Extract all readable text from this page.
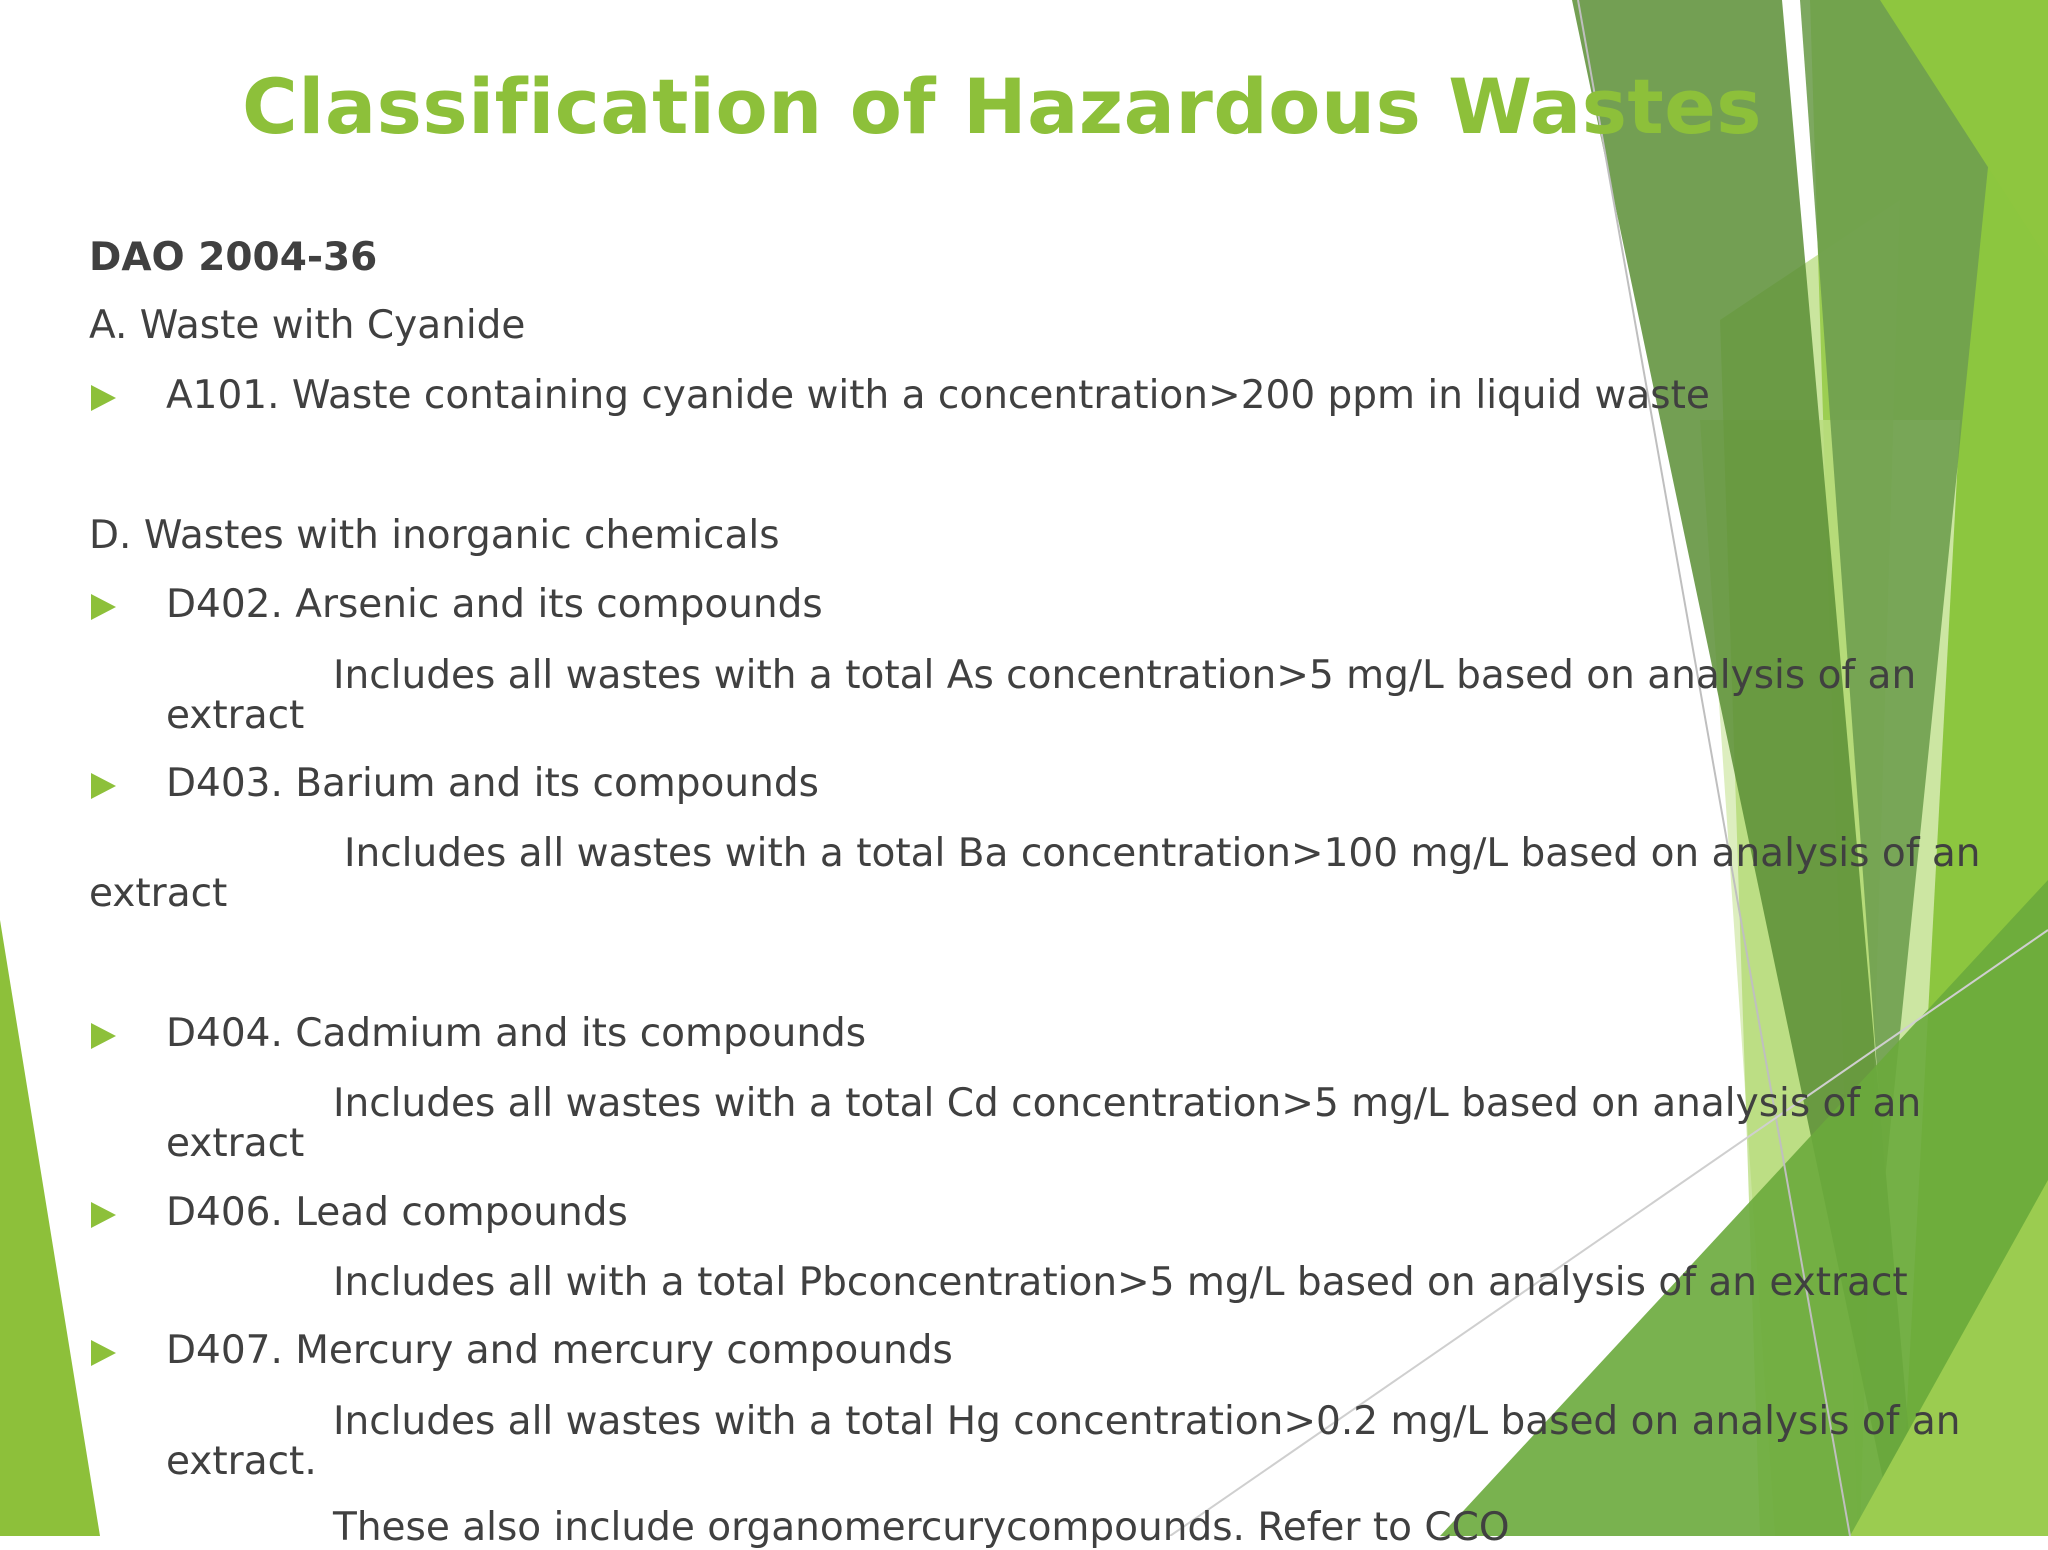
Classification of Hazardous Wastes
DAO 2004-36
A. Waste with Cyanide
A101. Waste containing cyanide with a concentration>200 ppm in liquid waste
D. Wastes with inorganic chemicals
D402. Arsenic and its compounds
Includes all wastes with a total As concentration>5 mg/L based on analysis of an
extract
D403. Barium and its compounds
Includes all wastes with a total Ba concentration>100 mg/L based on analysis of an
extract
D404. Cadmium and its compounds
Includes all wastes with a total Cd concentration>5 mg/L based on analysis of an
extract
D406. Lead compounds
Includes all with a total Pbconcentration>5 mg/L based on analysis of an extract
D407. Mercury and mercury compounds
Includes all wastes with a total Hg concentration>0.2 mg/L based on analysis of an
extract.
These also include organomercurycompounds. Refer to CCO
